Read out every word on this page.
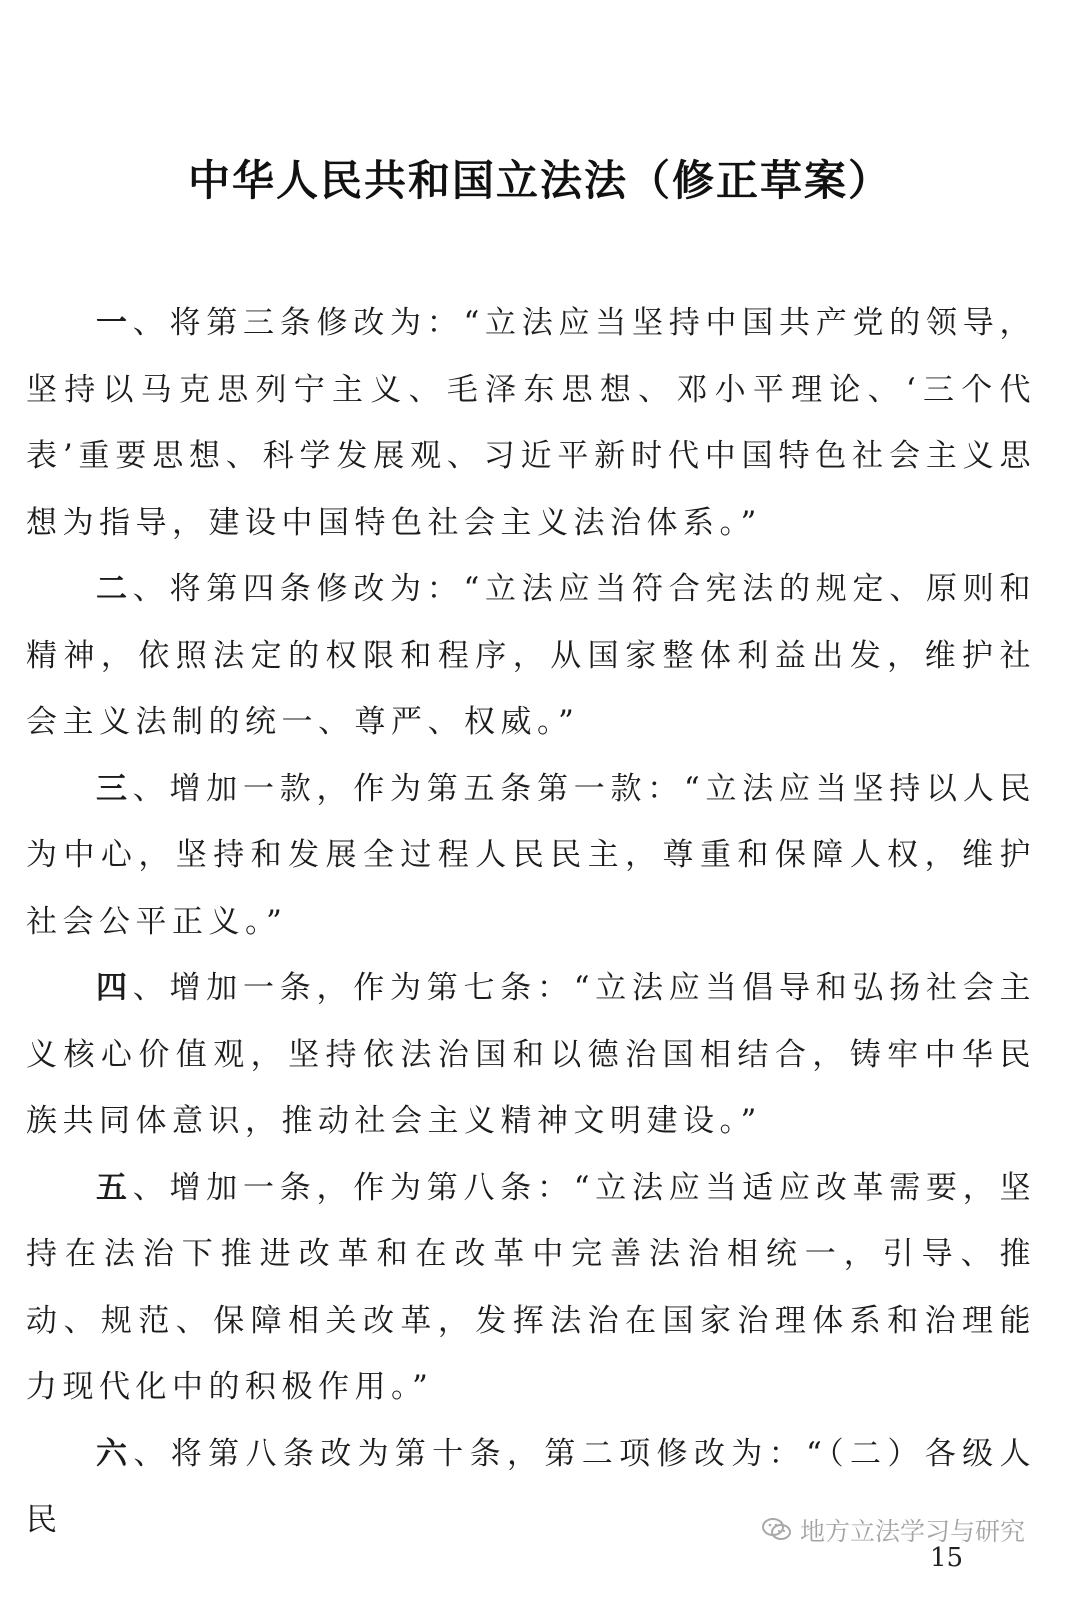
中华人民共和国立法法（修正草案）

一、将第三条修改为：“立法应当坚持中国共产党的领导，坚持以马克思列宁主义、毛泽东思想、邓小平理论、‘三个代表’重要思想、科学发展观、习近平新时代中国特色社会主义思想为指导，建设中国特色社会主义法治体系。”

二、将第四条修改为：“立法应当符合宪法的规定、原则和精神，依照法定的权限和程序，从国家整体利益出发，维护社会主义法制的统一、尊严、权威。”

三、增加一款，作为第五条第一款：“立法应当坚持以人民为中心，坚持和发展全过程人民民主，尊重和保障人权，维护社会公平正义。”

四、增加一条，作为第七条：“立法应当倡导和弘扬社会主义核心价值观，坚持依法治国和以德治国相结合，铸牢中华民族共同体意识，推动社会主义精神文明建设。”

五、增加一条，作为第八条：“立法应当适应改革需要，坚持在法治下推进改革和在改革中完善法治相统一，引导、推动、规范、保障相关改革，发挥法治在国家治理体系和治理能力现代化中的积极作用。”

六、将第八条改为第十条，第二项修改为：“（二）各级人民	地方立法学习与研究
15
